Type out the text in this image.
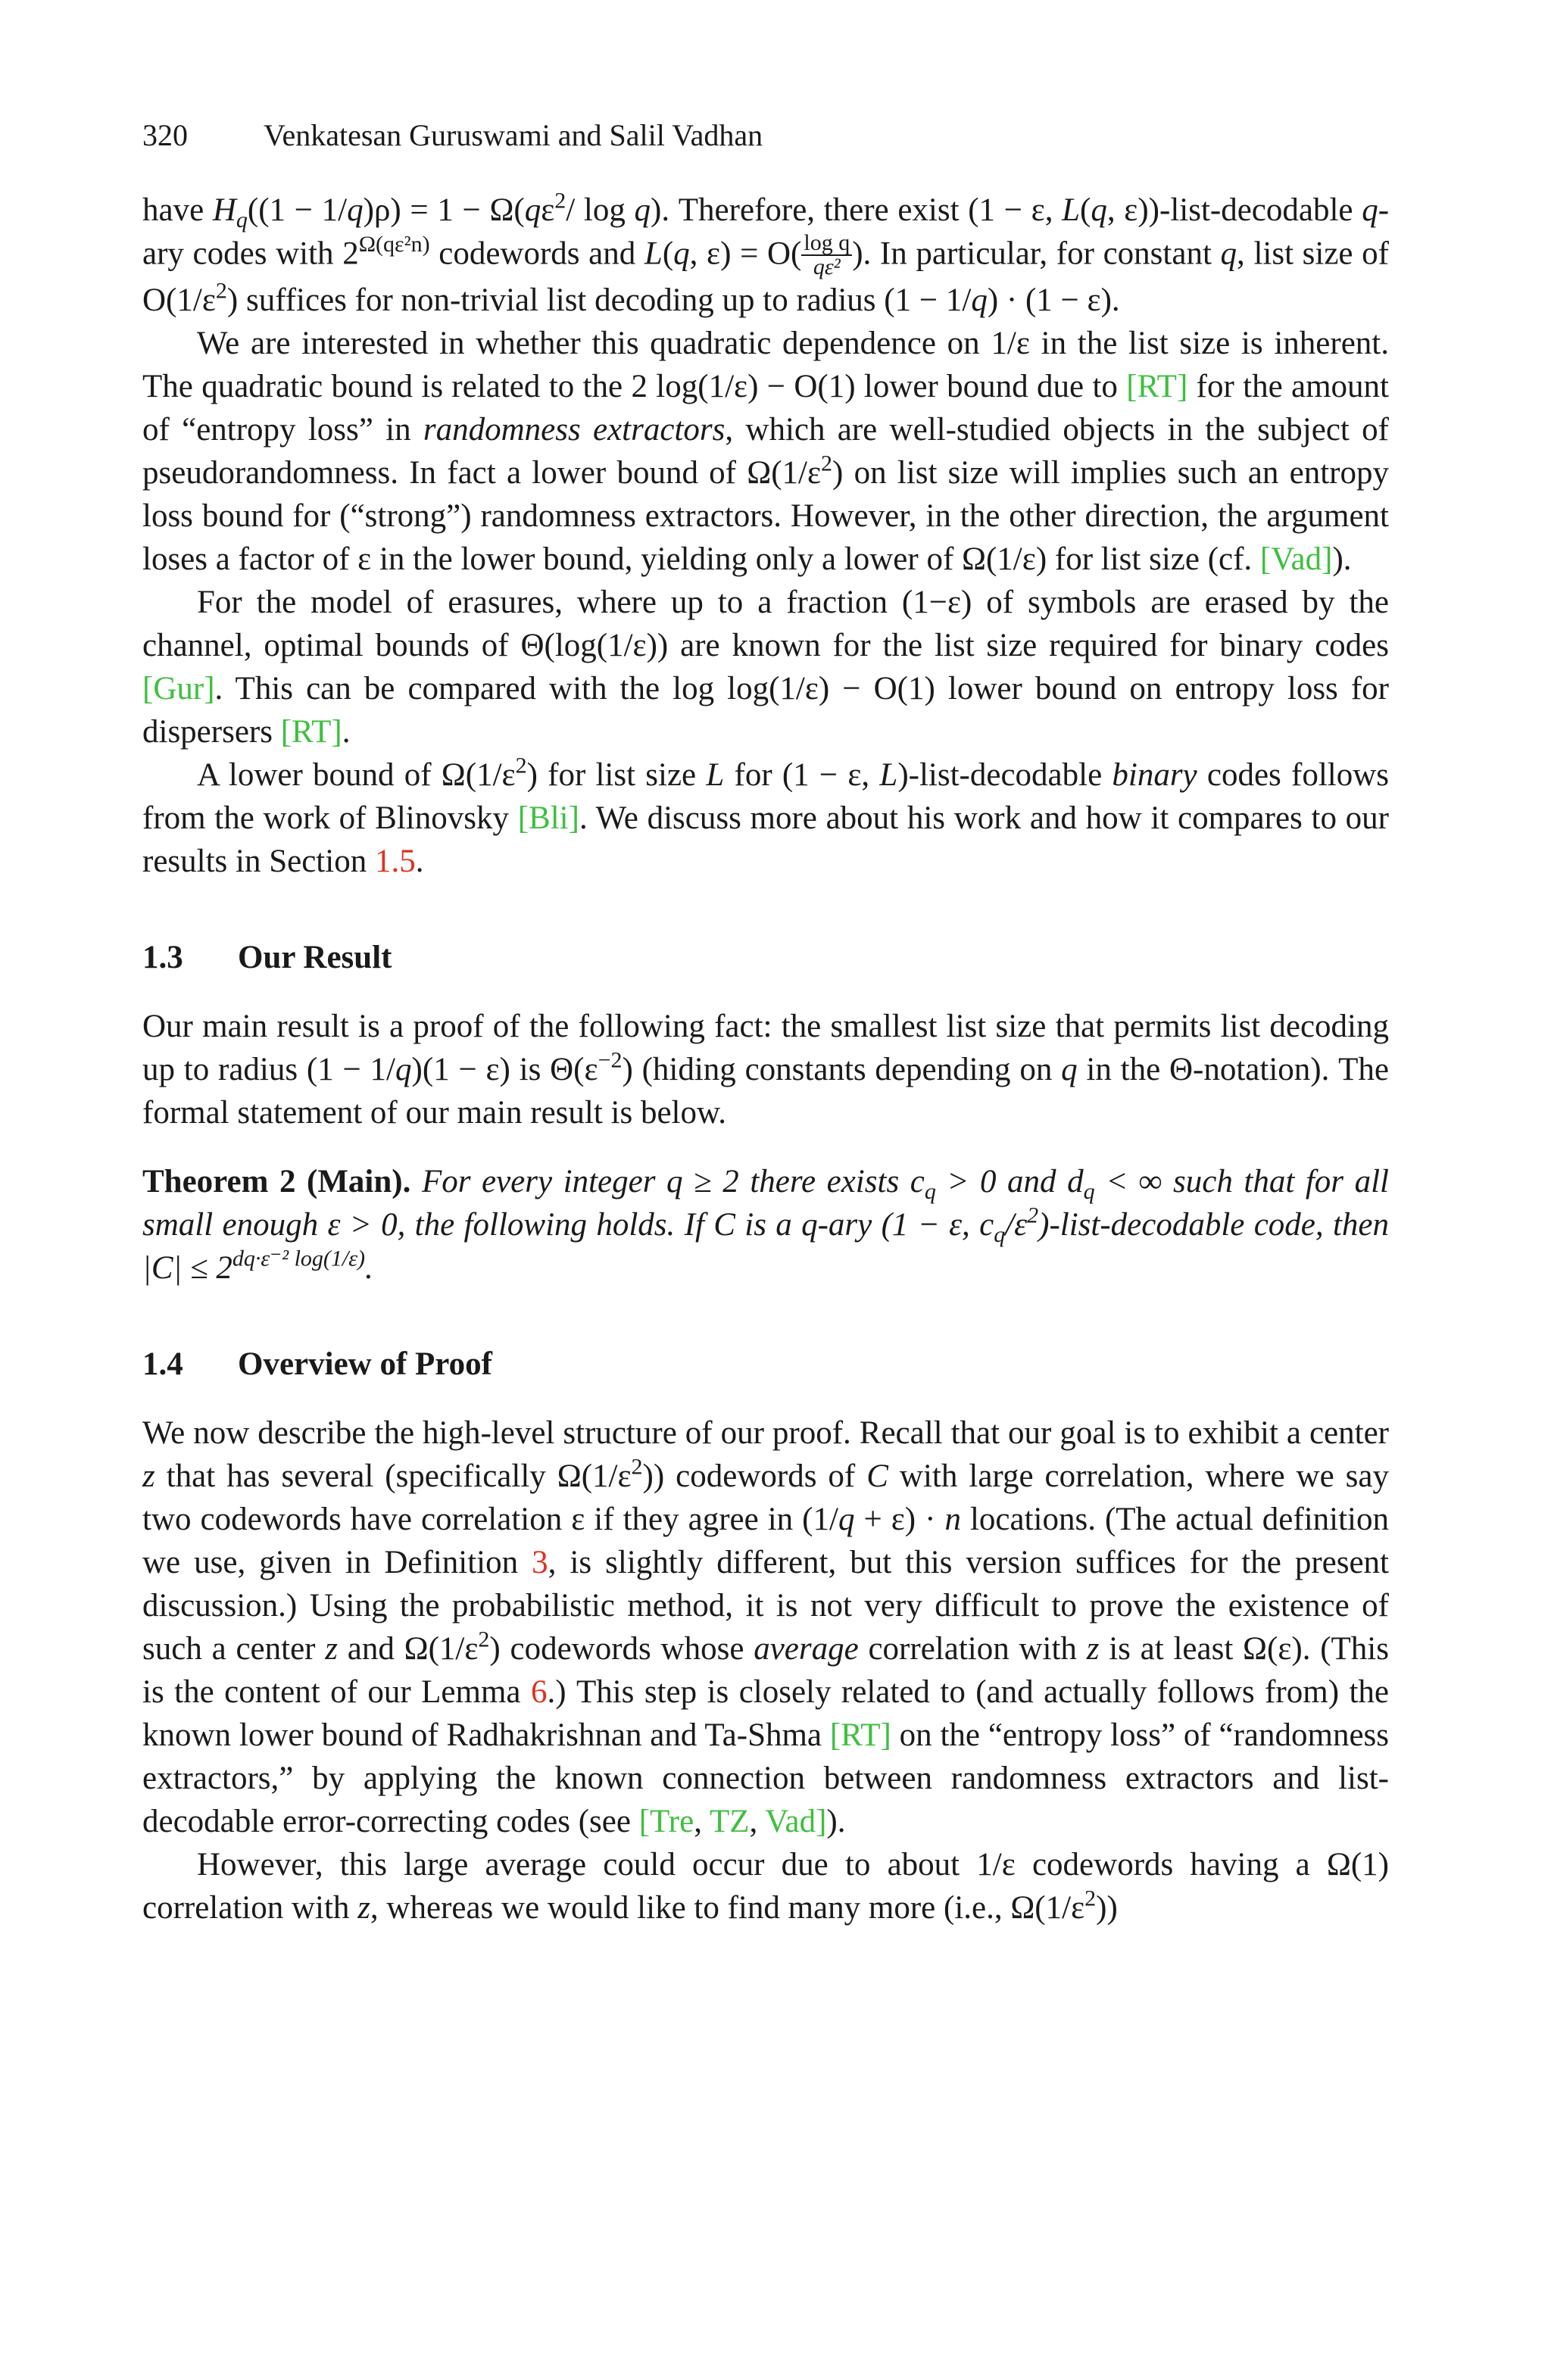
320	Venkatesan Guruswami and Salil Vadhan

have $H_q((1 - 1/q)\rho) = 1 - \Omega(q\varepsilon^2/$ log q). Therefore, there exist (1 − ε, L(q, ε))-list-decodable q-ary codes with $2^{\Omega(q\varepsilon^2n)}$ codewords and L(q, $\varepsilon) = O( \frac{\text{log q}}{\text{qε²}}$ ). In particular, for constant q, list size of $O(1/\varepsilon^2)$ suffices for non-trivial list decoding up to radius (1 − 1/q) · (1 − ε).

We are interested in whether this quadratic dependence on 1/ε in the list size is inherent. The quadratic bound is related to the 2 log(1/ε) − O(1) lower bound due to [RT] for the amount of “entropy loss” in randomness extractors, which are well-studied objects in the subject of pseudorandomness. In fact a lower bound of $\Omega(1/\varepsilon^2)$ on list size will implies such an entropy loss bound for (“strong”) randomness extractors. However, in the other direction, the argument loses a factor of ε in the lower bound, yielding only a lower of Ω(1/ε) for list size (cf. [Vad]).

For the model of erasures, where up to a fraction (1−ε) of symbols are erased by the channel, optimal bounds of Θ(log(1/ε)) are known for the list size required for binary codes [Gur]. This can be compared with the log log(1/ε) − O(1) lower bound on entropy loss for dispersers [RT].

A lower bound of $\Omega(1/\varepsilon^2)$ for list size L for (1 − ε, L)-list-decodable binary codes follows from the work of Blinovsky [Bli]. We discuss more about his work and how it compares to our results in Section 1.5.

1.3 Our Result

Our main result is a proof of the following fact: the smallest list size that permits list decoding up to radius (1 − 1/q)(1 − ε) is $\Theta(\varepsilon^{-2})$ (hiding constants depending on q in the Θ-notation). The formal statement of our main result is below.

Theorem 2 (Main). For every integer q ≥ 2 there exists $c_q > 0$ and $d_q$ < ∞ such that for all small enough ε > 0, the following holds. If C is a q-ary (1 − ε, $c_q/\varepsilon^2)-list$-decodable code, then $|C| \le 2^{dq\cdot\varepsilon^{-2} log(1/\varepsilon)}$.

1.4 Overview of Proof

We now describe the high-level structure of our proof. Recall that our goal is to exhibit a center z that has several (specifically $\Omega(1/\varepsilon^2)$) codewords of C with large correlation, where we say two codewords have correlation ε if they agree in (1/q + ε) · n locations. (The actual definition we use, given in Definition 3, is slightly different, but this version suffices for the present discussion.) Using the probabilistic method, it is not very difficult to prove the existence of such a center z and $\Omega(1/\varepsilon^2)$ codewords whose average correlation with z is at least Ω(ε). (This is the content of our Lemma 6.) This step is closely related to (and actually follows from) the known lower bound of Radhakrishnan and Ta-Shma [RT] on the “entropy loss” of “randomness extractors,” by applying the known connection between randomness extractors and list-decodable error-correcting codes (see [Tre, TZ, Vad]).

However, this large average could occur due to about 1/ε codewords having a Ω(1) correlation with z, whereas we would like to find many more (i.e., $\Omega(1/\varepsilon^2)$)
